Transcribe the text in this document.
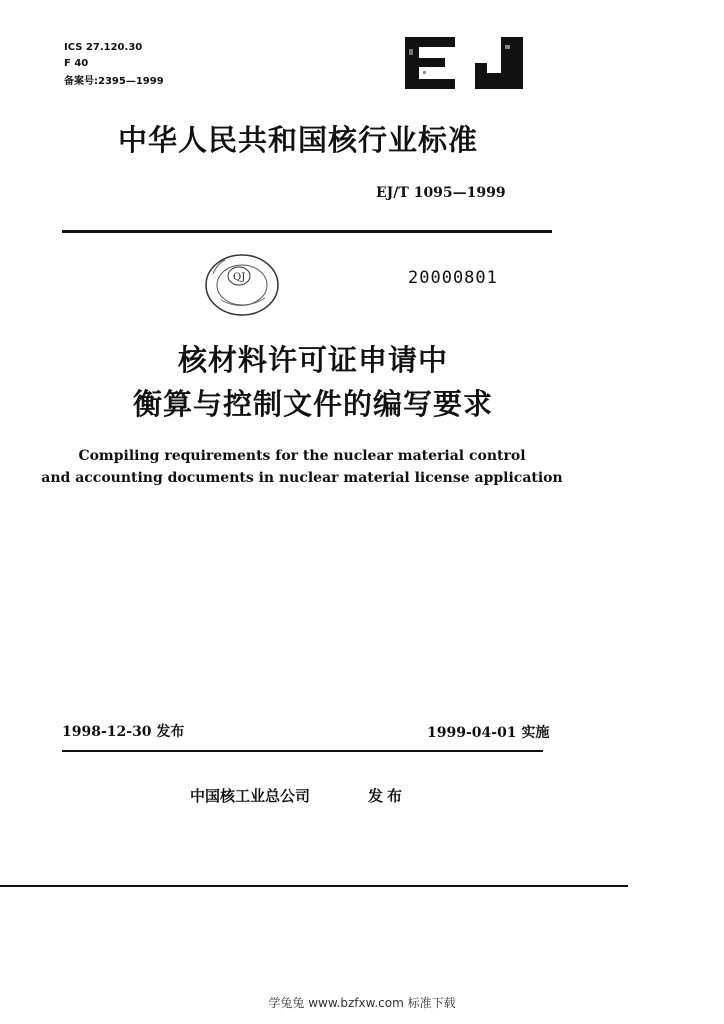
ICS 27.120.30
F 40
备案号:2395—1999
中华人民共和国核行业标准
EJ/T 1095—1999
QJ	20000801
核材料许可证申请中
衡算与控制文件的编写要求
Compiling requirements for the nuclear material control
and accounting documents in nuclear material license application
1998-12-30 发布	1999-04-01 实施
中国核工业总公司	发布
学兔兔 www.bzfxw.com 标准下载
